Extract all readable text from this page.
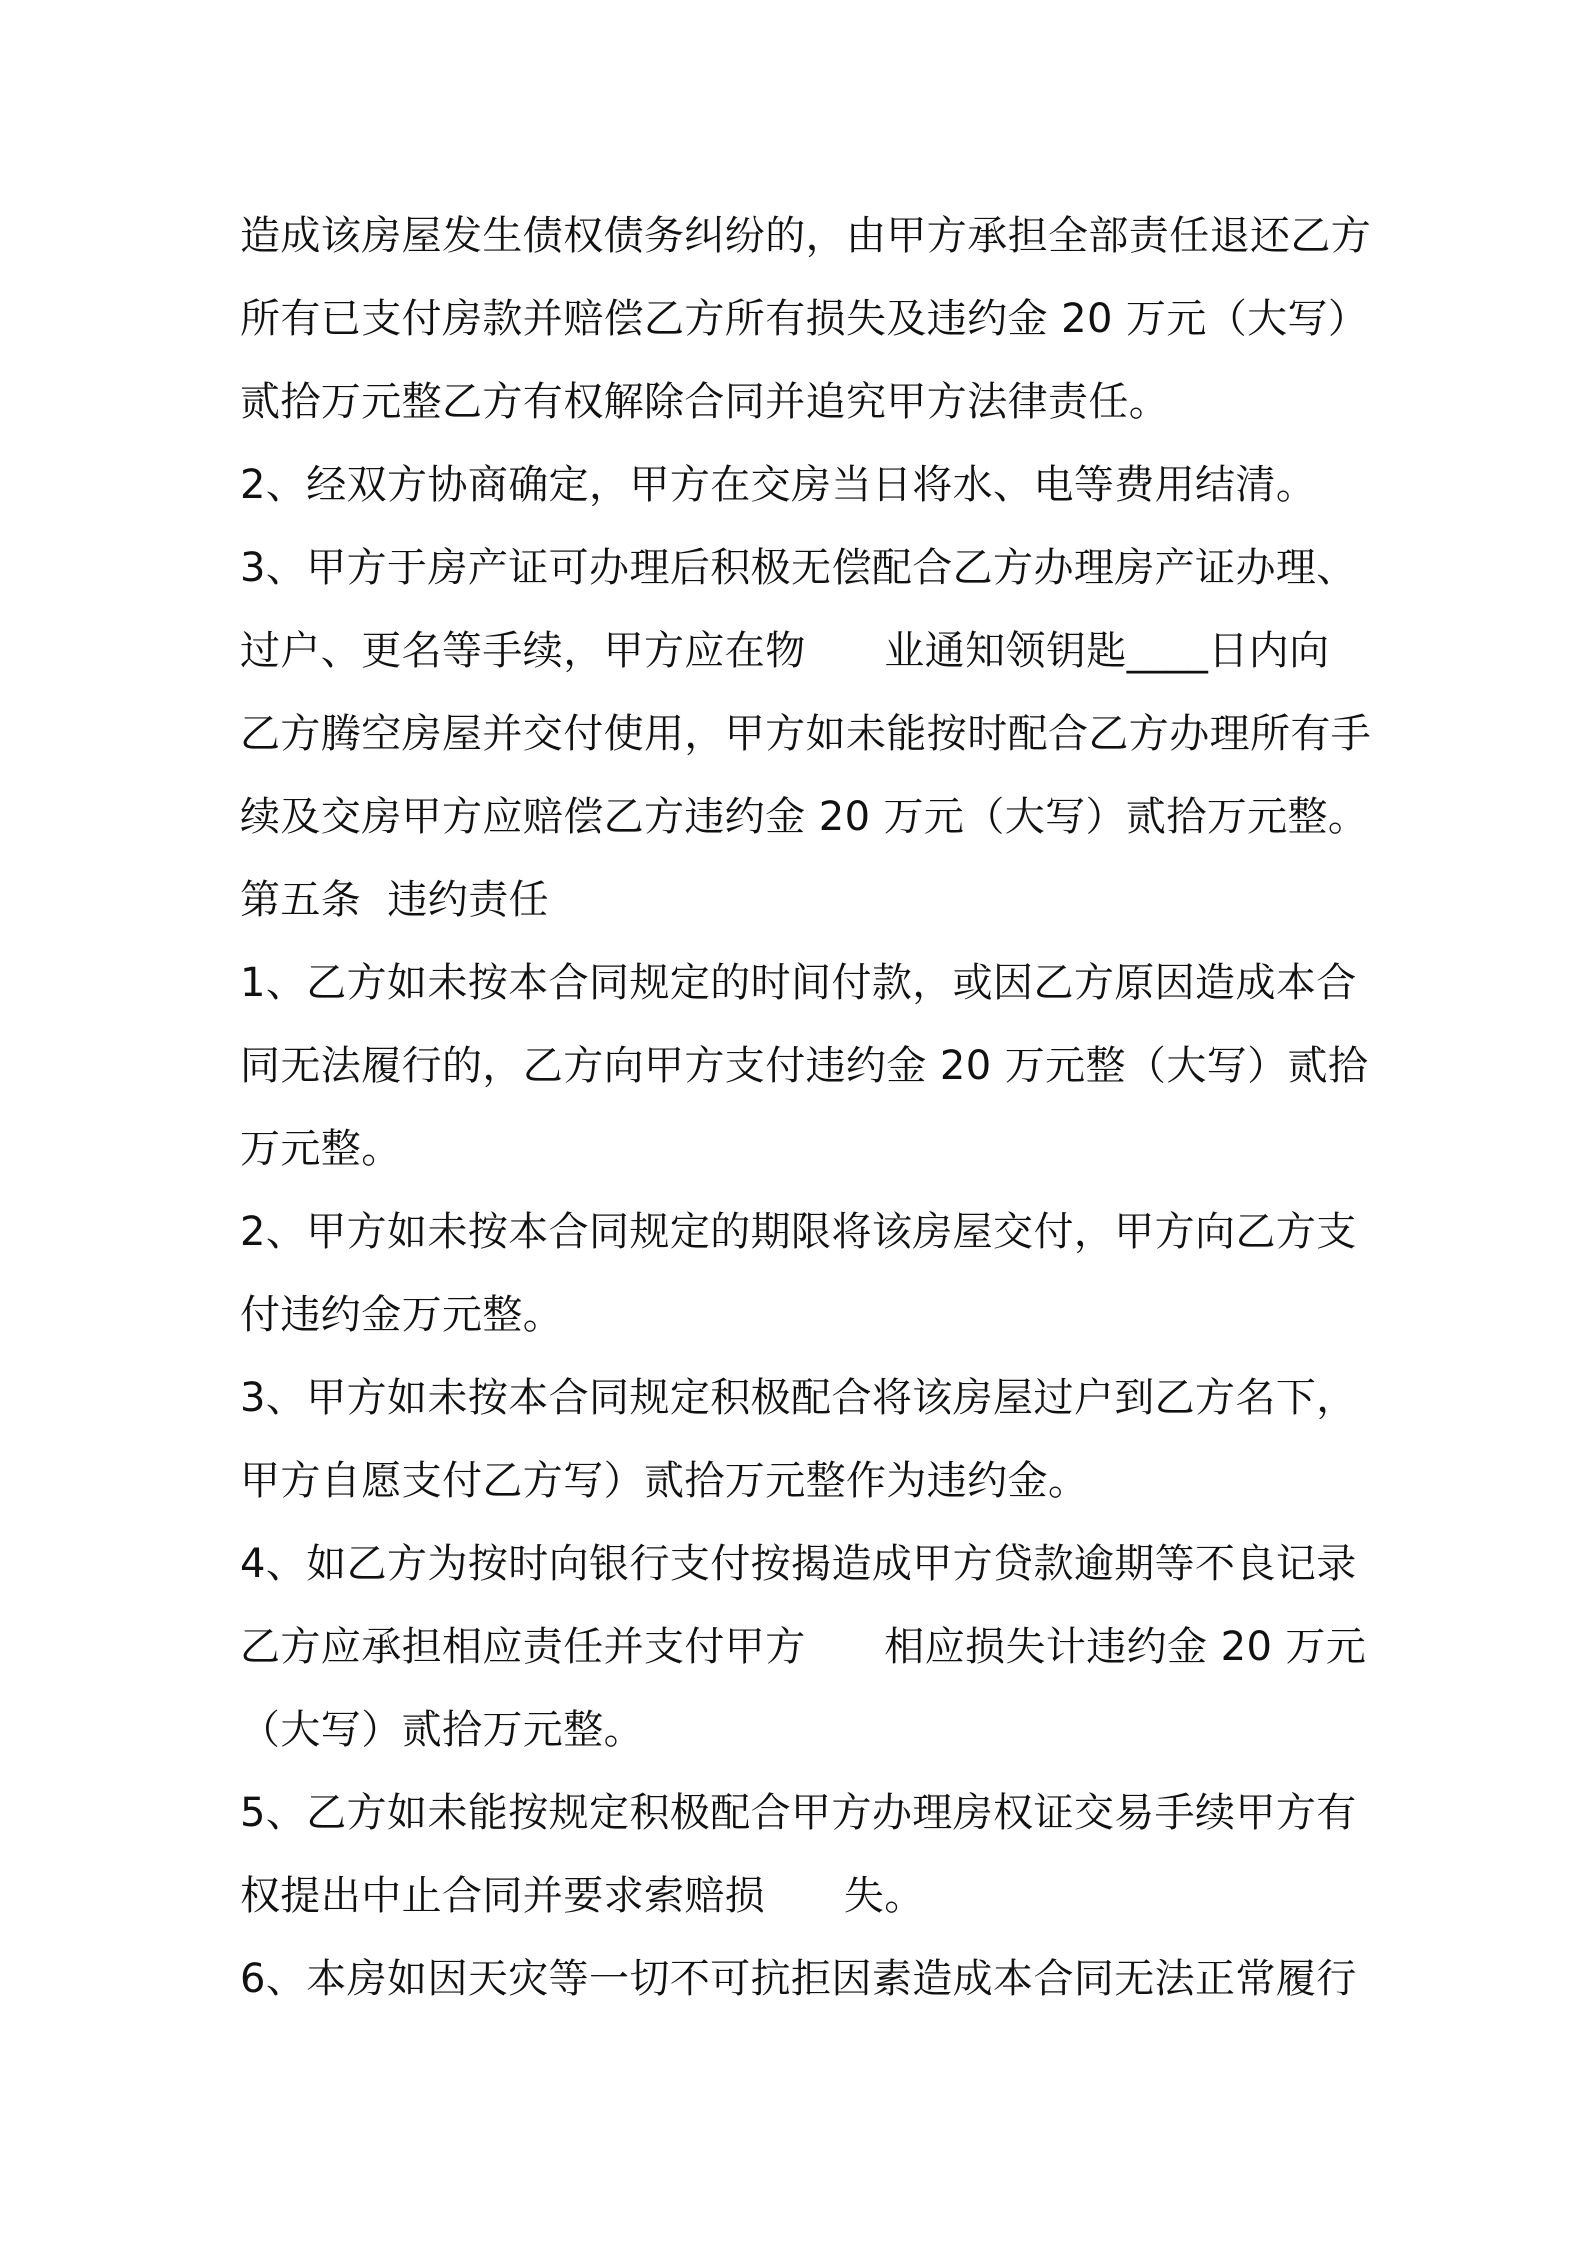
造成该房屋发生债权债务纠纷的，由甲方承担全部责任退还乙方
所有已支付房款并赔偿乙方所有损失及违约金 20 万元（大写）
贰拾万元整乙方有权解除合同并追究甲方法律责任。
2、经双方协商确定，甲方在交房当日将水、电等费用结清。
3、甲方于房产证可办理后积极无偿配合乙方办理房产证办理、
过户、更名等手续，甲方应在物      业通知领钥匙____日内向
乙方腾空房屋并交付使用，甲方如未能按时配合乙方办理所有手
续及交房甲方应赔偿乙方违约金 20 万元（大写）贰拾万元整。
第五条  违约责任
1、乙方如未按本合同规定的时间付款，或因乙方原因造成本合
同无法履行的，乙方向甲方支付违约金 20 万元整（大写）贰拾
万元整。
2、甲方如未按本合同规定的期限将该房屋交付，甲方向乙方支
付违约金万元整。
3、甲方如未按本合同规定积极配合将该房屋过户到乙方名下，
甲方自愿支付乙方写）贰拾万元整作为违约金。
4、如乙方为按时向银行支付按揭造成甲方贷款逾期等不良记录
乙方应承担相应责任并支付甲方      相应损失计违约金 20 万元
（大写）贰拾万元整。
5、乙方如未能按规定积极配合甲方办理房权证交易手续甲方有
权提出中止合同并要求索赔损      失。
6、本房如因天灾等一切不可抗拒因素造成本合同无法正常履行
